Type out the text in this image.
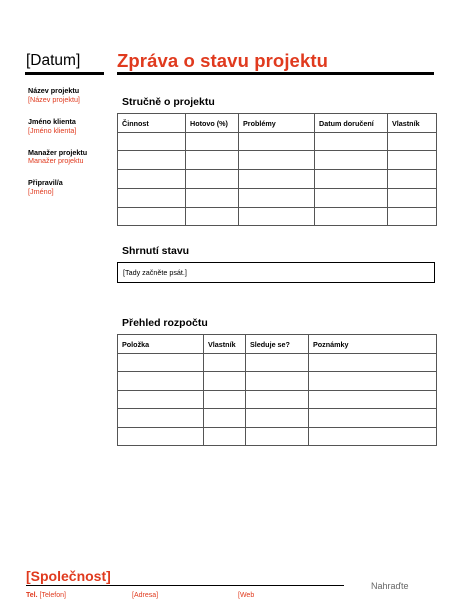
[Datum] Zpráva o stavu projektu
Název projektu
[Název projektu]
Jméno klienta
[Jméno klienta]
Manažer projektu
Manažer projektu
Připravil/a
[Jméno]
Stručně o projektu
Činnost	Hotovo (%)	Problémy	Datum doručení	Vlastník

Shrnutí stavu
[Tady začněte psát.]
Přehled rozpočtu
Položka	Vlastník	Sleduje se?	Poznámky

[Společnost]
Nahraďte
Tel. [Telefon]	[Adresa]	[Web
